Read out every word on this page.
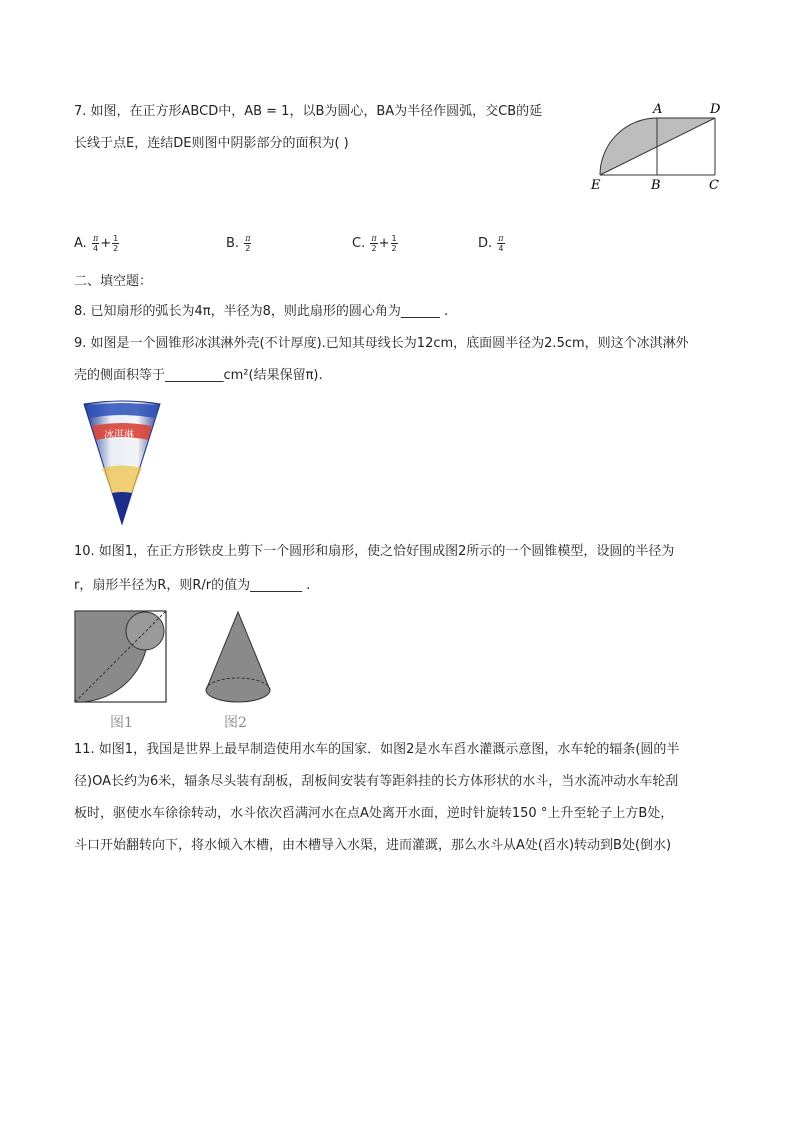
7. 如图，在正方形ABCD中，AB = 1，以B为圆心，BA为半径作圆弧，交CB的延
长线于点E，连结DE则图中阴影部分的面积为( )
A	D
E	B	C
A. $\frac{\pi}{4} + \frac{1}{2}$	B. $\frac{\pi}{2}$	C. $\frac{\pi}{2} + \frac{1}{2}$	D. $\frac{\pi}{4}$
二、填空题：
8. 已知扇形的弧长为4π，半径为8，则此扇形的圆心角为______ .
9. 如图是一个圆锥形冰淇淋外壳(不计厚度).已知其母线长为12cm，底面圆半径为2.5cm，则这个冰淇淋外
壳的侧面积等于_________cm²(结果保留π).
冰淇淋
10. 如图1，在正方形铁皮上剪下一个圆形和扇形，使之恰好围成图2所示的一个圆锥模型，设圆的半径为
r，扇形半径为R，则R/r的值为________ .
图1	图2
11. 如图1，我国是世界上最早制造使用水车的国家．如图2是水车舀水灌溉示意图，水车轮的辐条(圆的半
径)OA长约为6米，辐条尽头装有刮板，刮板间安装有等距斜挂的长方体形状的水斗，当水流冲动水车轮刮
板时，驱使水车徐徐转动，水斗依次舀满河水在点A处离开水面，逆时针旋转150 °上升至轮子上方B处，
斗口开始翻转向下，将水倾入木槽，由木槽导入水渠，进而灌溉，那么水斗从A处(舀水)转动到B处(倒水)
